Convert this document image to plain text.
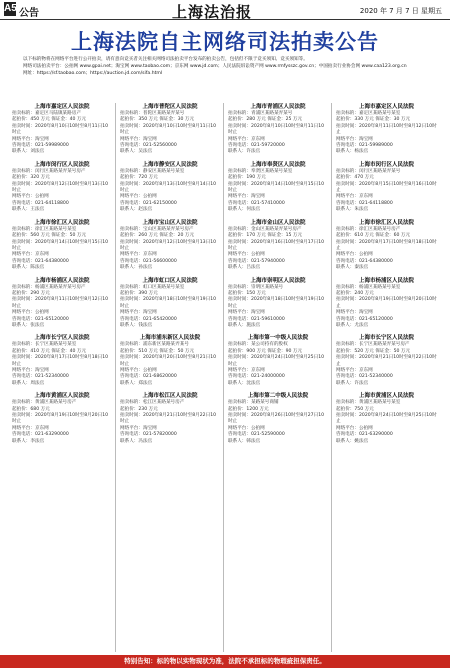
A5 公告	上海法治报	2020 年 7 月 7 日 星期五
上海法院自主网络司法拍卖公告

以下标的物将在网络平台进行公开拍卖，请有意向竞买者关注相关网络司法拍卖平台发布的拍卖公告，包括但不限于竞买须知、竞买须知等。

网络司法拍卖平台：公拍网 www.gpai.net；淘宝网 www.taobao.com；京东网 www.jd.com；人民法院诉讼资产网 www.rmfysszc.gov.cn；中国拍卖行业协会网 www.caa123.org.cn

网址：https://sf.taobao.com；https://auction.jd.com/sifa.html

上海市嘉定区人民法院
拍卖标的：嘉定区马陆镇某路房产
起拍价：450 万元 保证金：40 万元
拍卖时间：2020年8月10日10时至8月11日10时止
网络平台：淘宝网
咨询电话：021-59989000
联系人：刘法官
上海市闵行区人民法院
拍卖标的：闵行区某路某弄某号房产
起拍价：320 万元
拍卖时间：2020年8月12日10时至8月13日10时止
网络平台：公拍网
咨询电话：021-64118800
联系人：王法官
上海市徐汇区人民法院
拍卖标的：徐汇区某路某号某室
起拍价：560 万元 保证金：50 万元
拍卖时间：2020年8月14日10时至8月15日10时止
网络平台：京东网
咨询电话：021-64380000
联系人：陈法官
上海市杨浦区人民法院
拍卖标的：杨浦区某路某弄某号房产
起拍价：290 万元
拍卖时间：2020年8月11日10时至8月12日10时止
网络平台：公拍网
咨询电话：021-65120000
联系人：张法官
上海市长宁区人民法院
拍卖标的：长宁区某路某号某室
起拍价：410 万元 保证金：40 万元
拍卖时间：2020年8月17日10时至8月18日10时止
网络平台：淘宝网
咨询电话：021-52340000
联系人：周法官
上海市黄浦区人民法院
拍卖标的：黄浦区某路某号房产
起拍价：680 万元
拍卖时间：2020年8月19日10时至8月20日10时止
网络平台：京东网
咨询电话：021-63290000
联系人：李法官
上海市普陀区人民法院
拍卖标的：普陀区某路某弄某号
起拍价：350 万元 保证金：30 万元
拍卖时间：2020年8月10日10时至8月11日10时止
网络平台：淘宝网
咨询电话：021-52560000
联系人：吴法官
上海市静安区人民法院
拍卖标的：静安区某路某号某室
起拍价：720 万元
拍卖时间：2020年8月13日10时至8月14日10时止
网络平台：公拍网
咨询电话：021-62150000
联系人：赵法官
上海市宝山区人民法院
拍卖标的：宝山区某路某弄某号房产
起拍价：260 万元 保证金：20 万元
拍卖时间：2020年8月12日10时至8月13日10时止
网络平台：京东网
咨询电话：021-56600000
联系人：孙法官
上海市虹口区人民法院
拍卖标的：虹口区某路某号某室
起拍价：390 万元
拍卖时间：2020年8月18日10时至8月19日10时止
网络平台：淘宝网
咨询电话：021-65420000
联系人：钱法官
上海市浦东新区人民法院
拍卖标的：浦东新区某路某弄某号
起拍价：510 万元 保证金：50 万元
拍卖时间：2020年8月20日10时至8月21日10时止
网络平台：公拍网
咨询电话：021-68620000
联系人：郑法官
上海市松江区人民法院
拍卖标的：松江区某路某号房产
起拍价：230 万元
拍卖时间：2020年8月21日10时至8月22日10时止
网络平台：淘宝网
咨询电话：021-57820000
联系人：冯法官
上海市青浦区人民法院
拍卖标的：青浦区某路某弄某号
起拍价：280 万元 保证金：25 万元
拍卖时间：2020年8月10日10时至8月11日10时止
网络平台：京东网
咨询电话：021-59720000
联系人：许法官
上海市奉贤区人民法院
拍卖标的：奉贤区某路某号某室
起拍价：190 万元
拍卖时间：2020年8月14日10时至8月15日10时止
网络平台：淘宝网
咨询电话：021-57410000
联系人：何法官
上海市金山区人民法院
拍卖标的：金山区某路某弄某号房产
起拍价：170 万元 保证金：15 万元
拍卖时间：2020年8月16日10时至8月17日10时止
网络平台：公拍网
咨询电话：021-57940000
联系人：吕法官
上海市崇明区人民法院
拍卖标的：崇明区某路某号
起拍价：150 万元
拍卖时间：2020年8月18日10时至8月19日10时止
网络平台：淘宝网
咨询电话：021-59610000
联系人：施法官
上海市第一中级人民法院
拍卖标的：某公司持有的股权
起拍价：900 万元 保证金：90 万元
拍卖时间：2020年8月24日10时至8月25日10时止
网络平台：京东网
咨询电话：021-24000000
联系人：沈法官
上海市第二中级人民法院
拍卖标的：某路某号商铺
起拍价：1200 万元
拍卖时间：2020年8月26日10时至8月27日10时止
网络平台：公拍网
咨询电话：021-52590000
联系人：韩法官
上海市嘉定区人民法院
拍卖标的：嘉定区某路某号某室
起拍价：330 万元 保证金：30 万元
拍卖时间：2020年8月11日10时至8月12日10时止
网络平台：淘宝网
咨询电话：021-59989000
联系人：杨法官
上海市闵行区人民法院
拍卖标的：闵行区某路某弄某号
起拍价：470 万元
拍卖时间：2020年8月15日10时至8月16日10时止
网络平台：京东网
咨询电话：021-64118800
联系人：朱法官
上海市徐汇区人民法院
拍卖标的：徐汇区某路某号房产
起拍价：610 万元 保证金：60 万元
拍卖时间：2020年8月17日10时至8月18日10时止
网络平台：公拍网
咨询电话：021-64380000
联系人：秦法官
上海市杨浦区人民法院
拍卖标的：杨浦区某路某号某室
起拍价：240 万元
拍卖时间：2020年8月19日10时至8月20日10时止
网络平台：淘宝网
咨询电话：021-65120000
联系人：尤法官
上海市长宁区人民法院
拍卖标的：长宁区某路某弄某号房产
起拍价：520 万元 保证金：50 万元
拍卖时间：2020年8月21日10时至8月22日10时止
网络平台：京东网
咨询电话：021-52340000
联系人：许法官
上海市黄浦区人民法院
拍卖标的：黄浦区某路某号某室
起拍价：750 万元
拍卖时间：2020年8月24日10时至8月25日10时止
网络平台：公拍网
咨询电话：021-63290000
联系人：姚法官
特别告知：标的物以实物现状为准，法院不承担标的物瑕疵担保责任。
